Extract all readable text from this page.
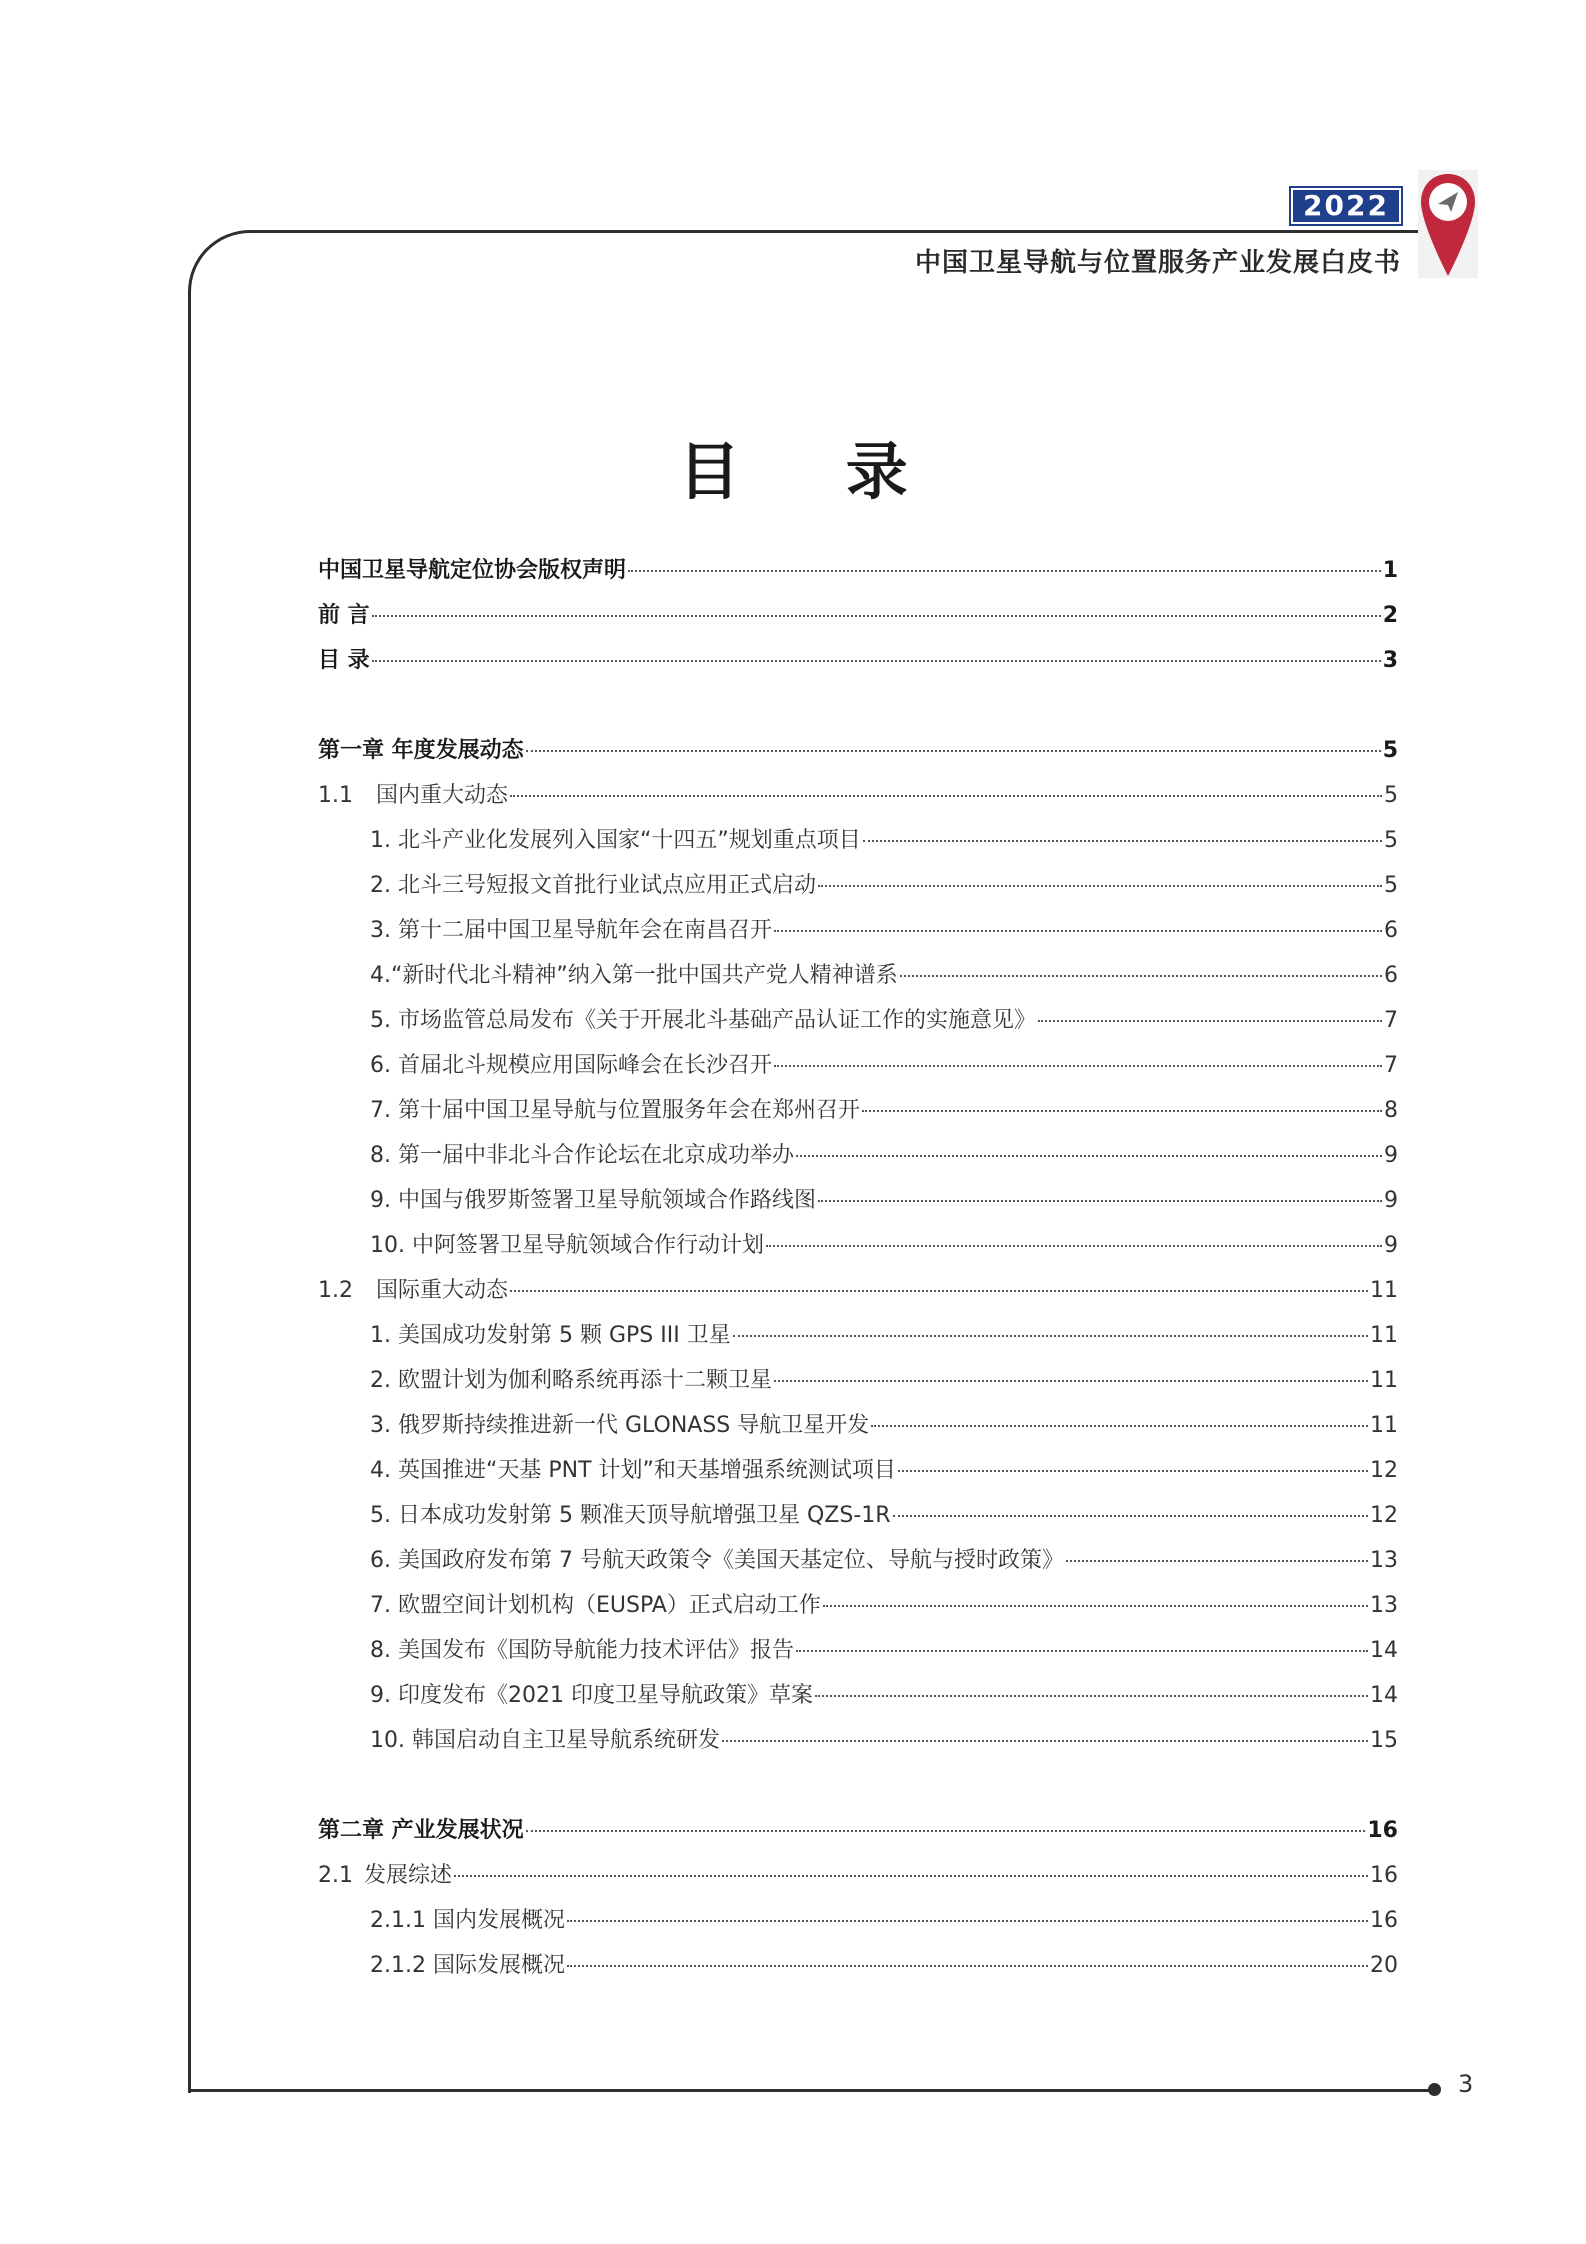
3
2022
中国卫星导航与位置服务产业发展白皮书
目 录
中国卫星导航定位协会版权声明	1
前 言	2
目 录	3
第一章 年度发展动态	5
1.1	国内重大动态	5
1. 北斗产业化发展列入国家“十四五”规划重点项目	5
2. 北斗三号短报文首批行业试点应用正式启动	5
3. 第十二届中国卫星导航年会在南昌召开	6
4.“新时代北斗精神”纳入第一批中国共产党人精神谱系	6
5. 市场监管总局发布《关于开展北斗基础产品认证工作的实施意见》	7
6. 首届北斗规模应用国际峰会在长沙召开	7
7. 第十届中国卫星导航与位置服务年会在郑州召开	8
8. 第一届中非北斗合作论坛在北京成功举办	9
9. 中国与俄罗斯签署卫星导航领域合作路线图	9
10. 中阿签署卫星导航领域合作行动计划	9
1.2	国际重大动态	11
1. 美国成功发射第 5 颗 GPS III 卫星	11
2. 欧盟计划为伽利略系统再添十二颗卫星	11
3. 俄罗斯持续推进新一代 GLONASS 导航卫星开发	11
4. 英国推进“天基 PNT 计划”和天基增强系统测试项目	12
5. 日本成功发射第 5 颗准天顶导航增强卫星 QZS-1R	12
6. 美国政府发布第 7 号航天政策令《美国天基定位、导航与授时政策》	13
7. 欧盟空间计划机构（EUSPA）正式启动工作	13
8. 美国发布《国防导航能力技术评估》报告	14
9. 印度发布《2021 印度卫星导航政策》草案	14
10. 韩国启动自主卫星导航系统研发	15
第二章 产业发展状况	16
2.1 发展综述	16
2.1.1 国内发展概况	16
2.1.2 国际发展概况	20
